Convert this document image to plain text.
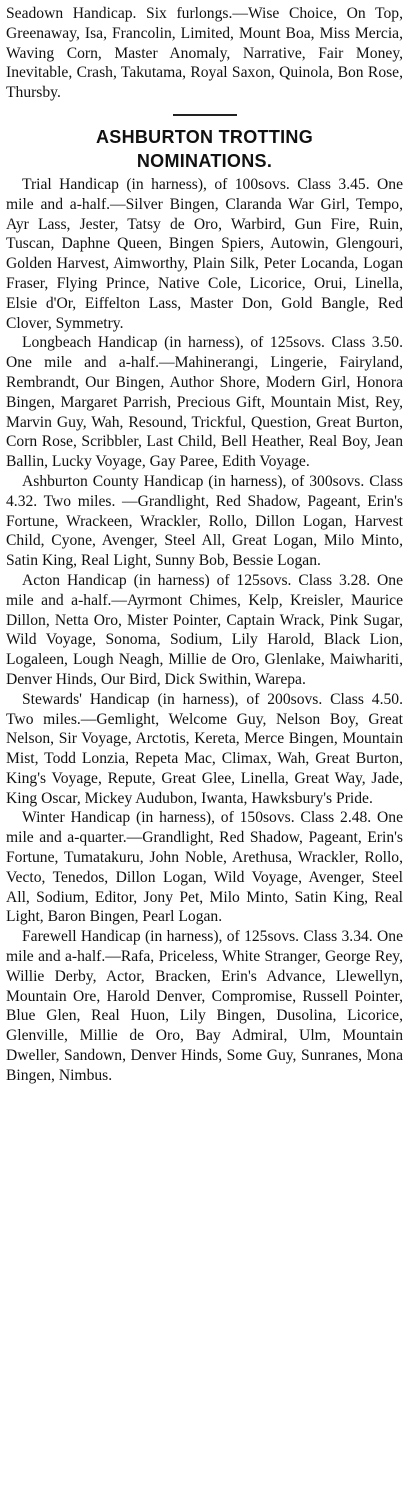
Seadown Handicap. Six furlongs.—Wise Choice, On Top, Greenaway, Isa, Francolin, Limited, Mount Boa, Miss Mercia, Waving Corn, Master Anomaly, Narrative, Fair Money, Inevitable, Crash, Takutama, Royal Saxon, Quinola, Bon Rose, Thursby.

ASHBURTON TROTTING
NOMINATIONS.

Trial Handicap (in harness), of 100sovs. Class 3.45. One mile and a-half.—Silver Bingen, Claranda War Girl, Tempo, Ayr Lass, Jester, Tatsy de Oro, Warbird, Gun Fire, Ruin, Tuscan, Daphne Queen, Bingen Spiers, Autowin, Glengouri, Golden Harvest, Aimworthy, Plain Silk, Peter Locanda, Logan Fraser, Flying Prince, Native Cole, Licorice, Orui, Linella, Elsie d'Or, Eiffelton Lass, Master Don, Gold Bangle, Red Clover, Symmetry.

Longbeach Handicap (in harness), of 125sovs. Class 3.50. One mile and a-half.—Mahinerangi, Lingerie, Fairyland, Rembrandt, Our Bingen, Author Shore, Modern Girl, Honora Bingen, Margaret Parrish, Precious Gift, Mountain Mist, Rey, Marvin Guy, Wah, Resound, Trickful, Question, Great Burton, Corn Rose, Scribbler, Last Child, Bell Heather, Real Boy, Jean Ballin, Lucky Voyage, Gay Paree, Edith Voyage.

Ashburton County Handicap (in harness), of 300sovs. Class 4.32. Two miles. —Grandlight, Red Shadow, Pageant, Erin's Fortune, Wrackeen, Wrackler, Rollo, Dillon Logan, Harvest Child, Cyone, Avenger, Steel All, Great Logan, Milo Minto, Satin King, Real Light, Sunny Bob, Bessie Logan.

Acton Handicap (in harness) of 125sovs. Class 3.28. One mile and a-half.—Ayrmont Chimes, Kelp, Kreisler, Maurice Dillon, Netta Oro, Mister Pointer, Captain Wrack, Pink Sugar, Wild Voyage, Sonoma, Sodium, Lily Harold, Black Lion, Logaleen, Lough Neagh, Millie de Oro, Glenlake, Maiwhariti, Denver Hinds, Our Bird, Dick Swithin, Warepa.

Stewards' Handicap (in harness), of 200sovs. Class 4.50. Two miles.—Gemlight, Welcome Guy, Nelson Boy, Great Nelson, Sir Voyage, Arctotis, Kereta, Merce Bingen, Mountain Mist, Todd Lonzia, Repeta Mac, Climax, Wah, Great Burton, King's Voyage, Repute, Great Glee, Linella, Great Way, Jade, King Oscar, Mickey Audubon, Iwanta, Hawksbury's Pride.

Winter Handicap (in harness), of 150sovs. Class 2.48. One mile and a-quarter.—Grandlight, Red Shadow, Pageant, Erin's Fortune, Tumatakuru, John Noble, Arethusa, Wrackler, Rollo, Vecto, Tenedos, Dillon Logan, Wild Voyage, Avenger, Steel All, Sodium, Editor, Jony Pet, Milo Minto, Satin King, Real Light, Baron Bingen, Pearl Logan.

Farewell Handicap (in harness), of 125sovs. Class 3.34. One mile and a-half.—Rafa, Priceless, White Stranger, George Rey, Willie Derby, Actor, Bracken, Erin's Advance, Llewellyn, Mountain Ore, Harold Denver, Compromise, Russell Pointer, Blue Glen, Real Huon, Lily Bingen, Dusolina, Licorice, Glenville, Millie de Oro, Bay Admiral, Ulm, Mountain Dweller, Sandown, Denver Hinds, Some Guy, Sunranes, Mona Bingen, Nimbus.
